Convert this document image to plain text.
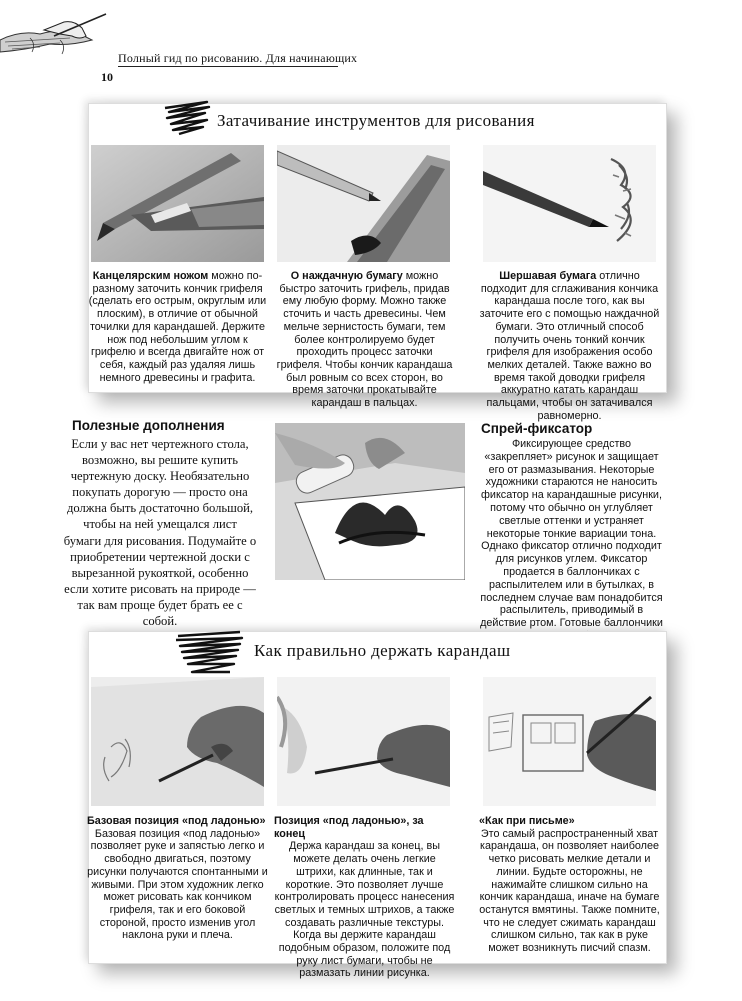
Полный гид по рисованию. Для начинающих
10
Затачивание инструментов для рисования
Канцелярским ножом можно по-разному заточить кончик грифеля (сделать его острым, округлым или плоским), в отличие от обычной точилки для карандашей. Держите нож под небольшим углом к грифелю и всегда двигайте нож от себя, каждый раз удаляя лишь немного древесины и графита.
О наждачную бумагу можно быстро заточить грифель, придав ему любую форму. Можно также сточить и часть древесины. Чем мельче зернистость бумаги, тем более контролируемо будет проходить процесс заточки грифеля. Чтобы кончик карандаша был ровным со всех сторон, во время заточки прокатывайте карандаш в пальцах.
Шершавая бумага отлично подходит для сглаживания кончика карандаша после того, как вы заточите его с помощью наждачной бумаги. Это отличный способ получить очень тонкий кончик грифеля для изображения особо мелких деталей. Также важно во время такой доводки грифеля аккуратно катать карандаш пальцами, чтобы он затачивался равномерно.
Полезные дополнения
Если у вас нет чертежного стола, возможно, вы решите купить чертежную доску. Необязательно покупать дорогую — просто она должна быть достаточно большой, чтобы на ней умещался лист бумаги для рисования. Подумайте о приобретении чертежной доски с вырезанной рукояткой, особенно если хотите рисовать на природе — так вам проще будет брать ее с собой.
Спрей-фиксатор
Фиксирующее средство «закрепляет» рисунок и защищает его от размазывания. Некоторые художники стараются не наносить фиксатор на карандашные рисунки, потому что обычно он углубляет светлые оттенки и устраняет некоторые тонкие вариации тона. Однако фиксатор отлично подходит для рисунков углем. Фиксатор продается в баллончиках с распылителем или в бутылках, в последнем случае вам понадобится распылитель, приводимый в действие ртом. Готовые баллончики
Как правильно держать карандаш
Базовая позиция «под ладонью»
Базовая позиция «под ладонью» позволяет руке и запястью легко и свободно двигаться, поэтому рисунки получаются спонтанными и живыми. При этом художник легко может рисовать как кончиком грифеля, так и его боковой стороной, просто изменив угол наклона руки и плеча.
Позиция «под ладонью», за конец
Держа карандаш за конец, вы можете делать очень легкие штрихи, как длинные, так и короткие. Это позволяет лучше контролировать процесс нанесения светлых и темных штрихов, а также создавать различные текстуры. Когда вы держите карандаш подобным образом, положите под руку лист бумаги, чтобы не размазать линии рисунка.
«Как при письме»
Это самый распространенный хват карандаша, он позволяет наиболее четко рисовать мелкие детали и линии. Будьте осторожны, не нажимайте слишком сильно на кончик карандаша, иначе на бумаге останутся вмятины. Также помните, что не следует сжимать карандаш слишком сильно, так как в руке может возникнуть писчий спазм.
